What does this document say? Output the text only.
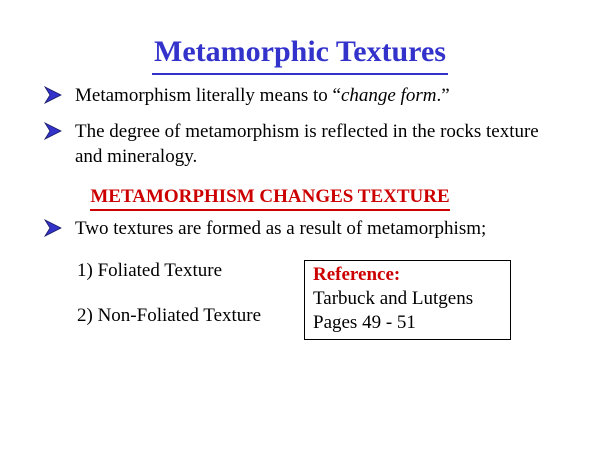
Metamorphic Textures
Metamorphism literally means to “change form.”
The degree of metamorphism is reflected in the rocks texture and mineralogy.
METAMORPHISM CHANGES TEXTURE
Two textures are formed as a result of metamorphism;
1) Foliated Texture
2) Non-Foliated Texture
Reference:
Tarbuck and Lutgens
Pages 49 - 51
